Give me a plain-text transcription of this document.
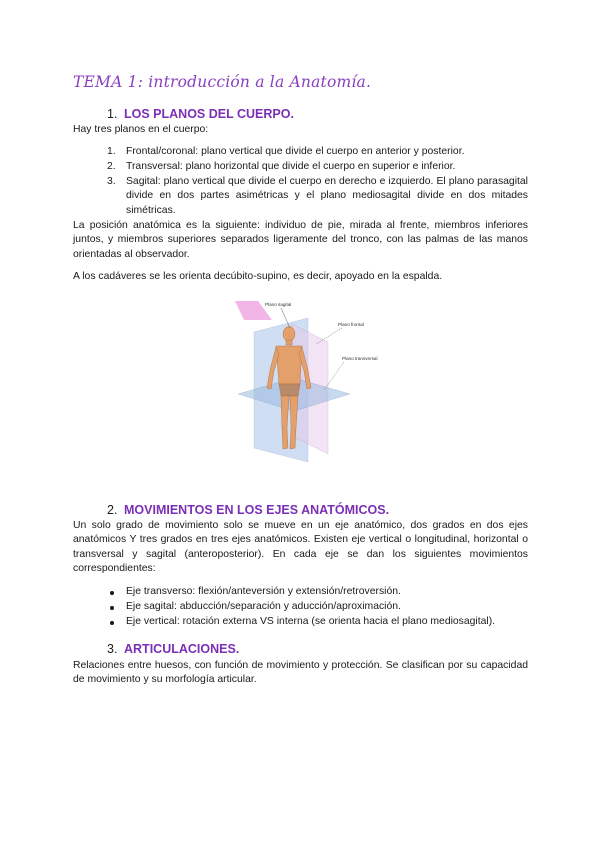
TEMA 1: introducción a la Anatomía.
1. LOS PLANOS DEL CUERPO.
Hay tres planos en el cuerpo:
1. Frontal/coronal: plano vertical que divide el cuerpo en anterior y posterior.
2. Transversal: plano horizontal que divide el cuerpo en superior e inferior.
3. Sagital: plano vertical que divide el cuerpo en derecho e izquierdo. El plano parasagital divide en dos partes asimétricas y el plano mediosagital divide en dos mitades simétricas.
La posición anatómica es la siguiente: individuo de pie, mirada al frente, miembros inferiores juntos, y miembros superiores separados ligeramente del tronco, con las palmas de las manos orientadas al observador.
A los cadáveres se les orienta decúbito-supino, es decir, apoyado en la espalda.
Plano sagital
Plano frontal
Plano transversal
2. MOVIMIENTOS EN LOS EJES ANATÓMICOS.
Un solo grado de movimiento solo se mueve en un eje anatómico, dos grados en dos ejes anatómicos Y tres grados en tres ejes anatómicos. Existen eje vertical o longitudinal, horizontal o transversal y sagital (anteroposterior). En cada eje se dan los siguientes movimientos correspondientes:
Eje transverso: flexión/anteversión y extensión/retroversión.
Eje sagital: abducción/separación y aducción/aproximación.
Eje vertical: rotación externa VS interna (se orienta hacia el plano mediosagital).
3. ARTICULACIONES.
Relaciones entre huesos, con función de movimiento y protección. Se clasifican por su capacidad de movimiento y su morfología articular.
